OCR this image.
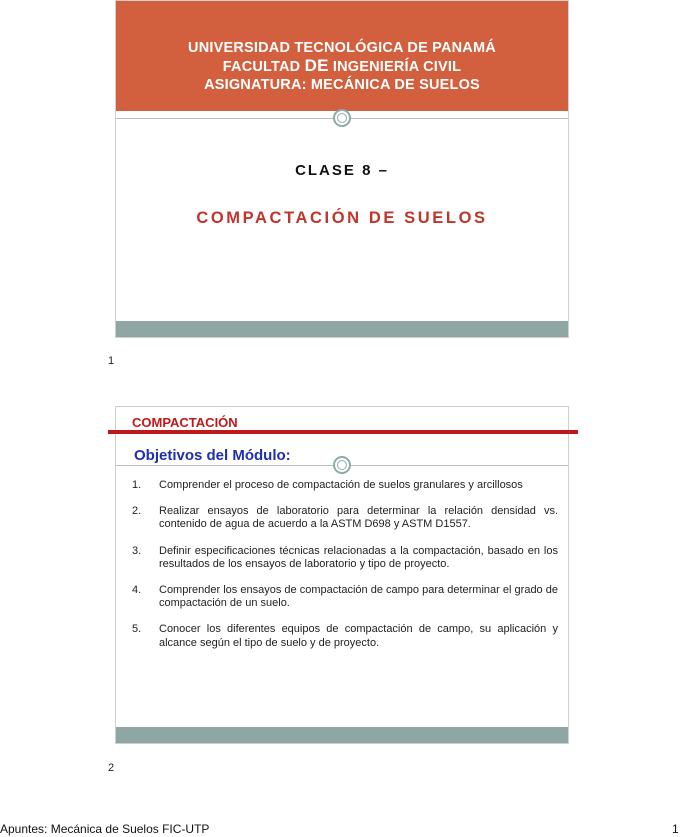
UNIVERSIDAD TECNOLÓGICA DE PANAMÁ
FACULTAD DE INGENIERÍA CIVIL
ASIGNATURA: MECÁNICA DE SUELOS
CLASE 8 –
COMPACTACIÓN DE SUELOS
1
COMPACTACIÓN
Objetivos del Módulo:
1. Comprender el proceso de compactación de suelos granulares y arcillosos
2. Realizar ensayos de laboratorio para determinar la relación densidad vs. contenido de agua de acuerdo a la ASTM D698 y ASTM D1557.
3. Definir especificaciones técnicas relacionadas a la compactación, basado en los resultados de los ensayos de laboratorio y tipo de proyecto.
4. Comprender los ensayos de compactación de campo para determinar el grado de compactación de un suelo.
5. Conocer los diferentes equipos de compactación de campo, su aplicación y alcance según el tipo de suelo y de proyecto.
2
Apuntes: Mecánica de Suelos FIC-UTP	1
